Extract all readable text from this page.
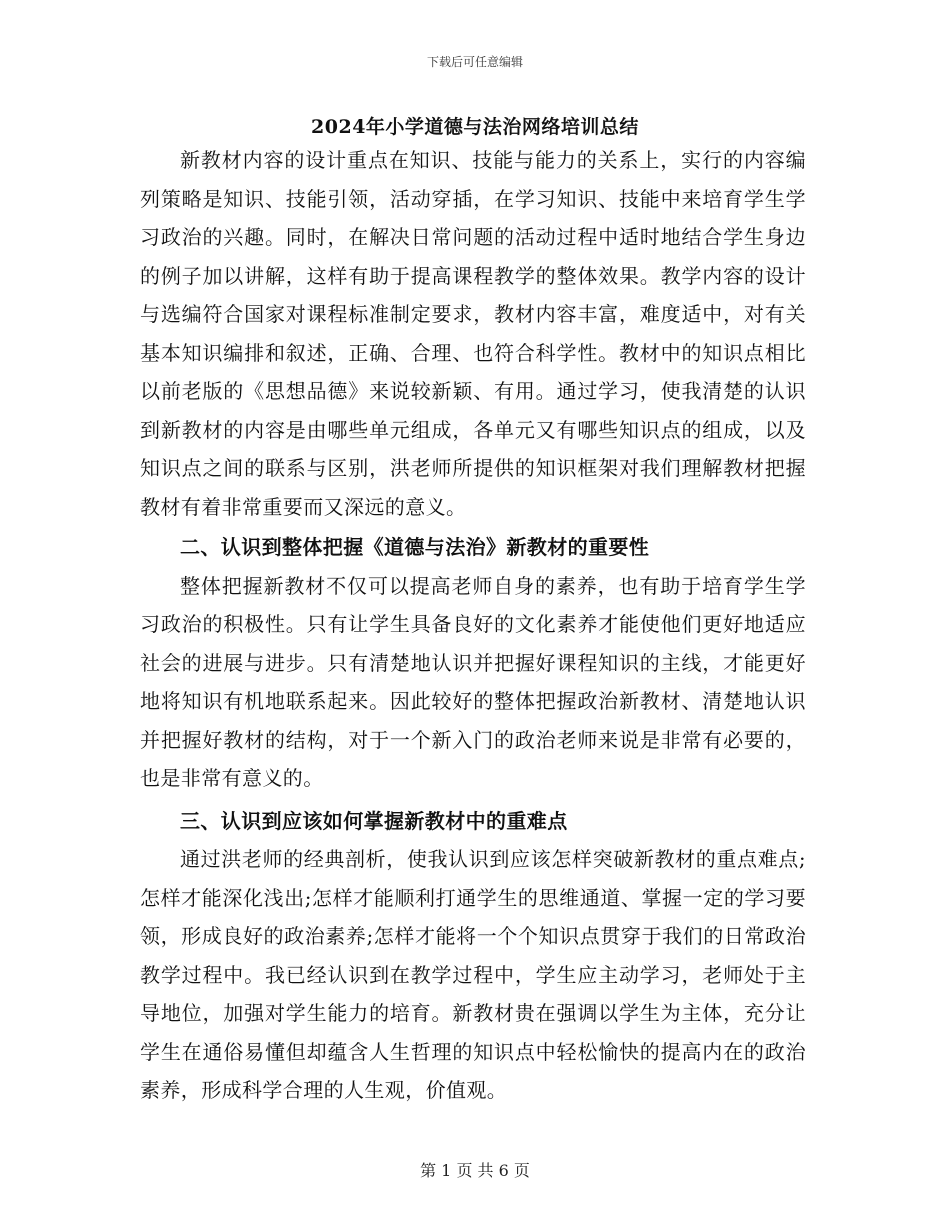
下载后可任意编辑
2024年小学道德与法治网络培训总结

新教材内容的设计重点在知识、技能与能力的关系上，实行的内容编列策略是知识、技能引领，活动穿插，在学习知识、技能中来培育学生学习政治的兴趣。同时，在解决日常问题的活动过程中适时地结合学生身边的例子加以讲解，这样有助于提高课程教学的整体效果。教学内容的设计与选编符合国家对课程标准制定要求，教材内容丰富，难度适中，对有关基本知识编排和叙述，正确、合理、也符合科学性。教材中的知识点相比以前老版的《思想品德》来说较新颖、有用。通过学习，使我清楚的认识到新教材的内容是由哪些单元组成，各单元又有哪些知识点的组成，以及知识点之间的联系与区别，洪老师所提供的知识框架对我们理解教材把握教材有着非常重要而又深远的意义。

二、认识到整体把握《道德与法治》新教材的重要性

整体把握新教材不仅可以提高老师自身的素养，也有助于培育学生学习政治的积极性。只有让学生具备良好的文化素养才能使他们更好地适应社会的进展与进步。只有清楚地认识并把握好课程知识的主线，才能更好地将知识有机地联系起来。因此较好的整体把握政治新教材、清楚地认识并把握好教材的结构，对于一个新入门的政治老师来说是非常有必要的，也是非常有意义的。

三、认识到应该如何掌握新教材中的重难点

通过洪老师的经典剖析，使我认识到应该怎样突破新教材的重点难点;怎样才能深化浅出;怎样才能顺利打通学生的思维通道、掌握一定的学习要领，形成良好的政治素养;怎样才能将一个个知识点贯穿于我们的日常政治教学过程中。我已经认识到在教学过程中，学生应主动学习，老师处于主导地位，加强对学生能力的培育。新教材贵在强调以学生为主体，充分让学生在通俗易懂但却蕴含人生哲理的知识点中轻松愉快的提高内在的政治素养，形成科学合理的人生观，价值观。

第 1 页 共 6 页
